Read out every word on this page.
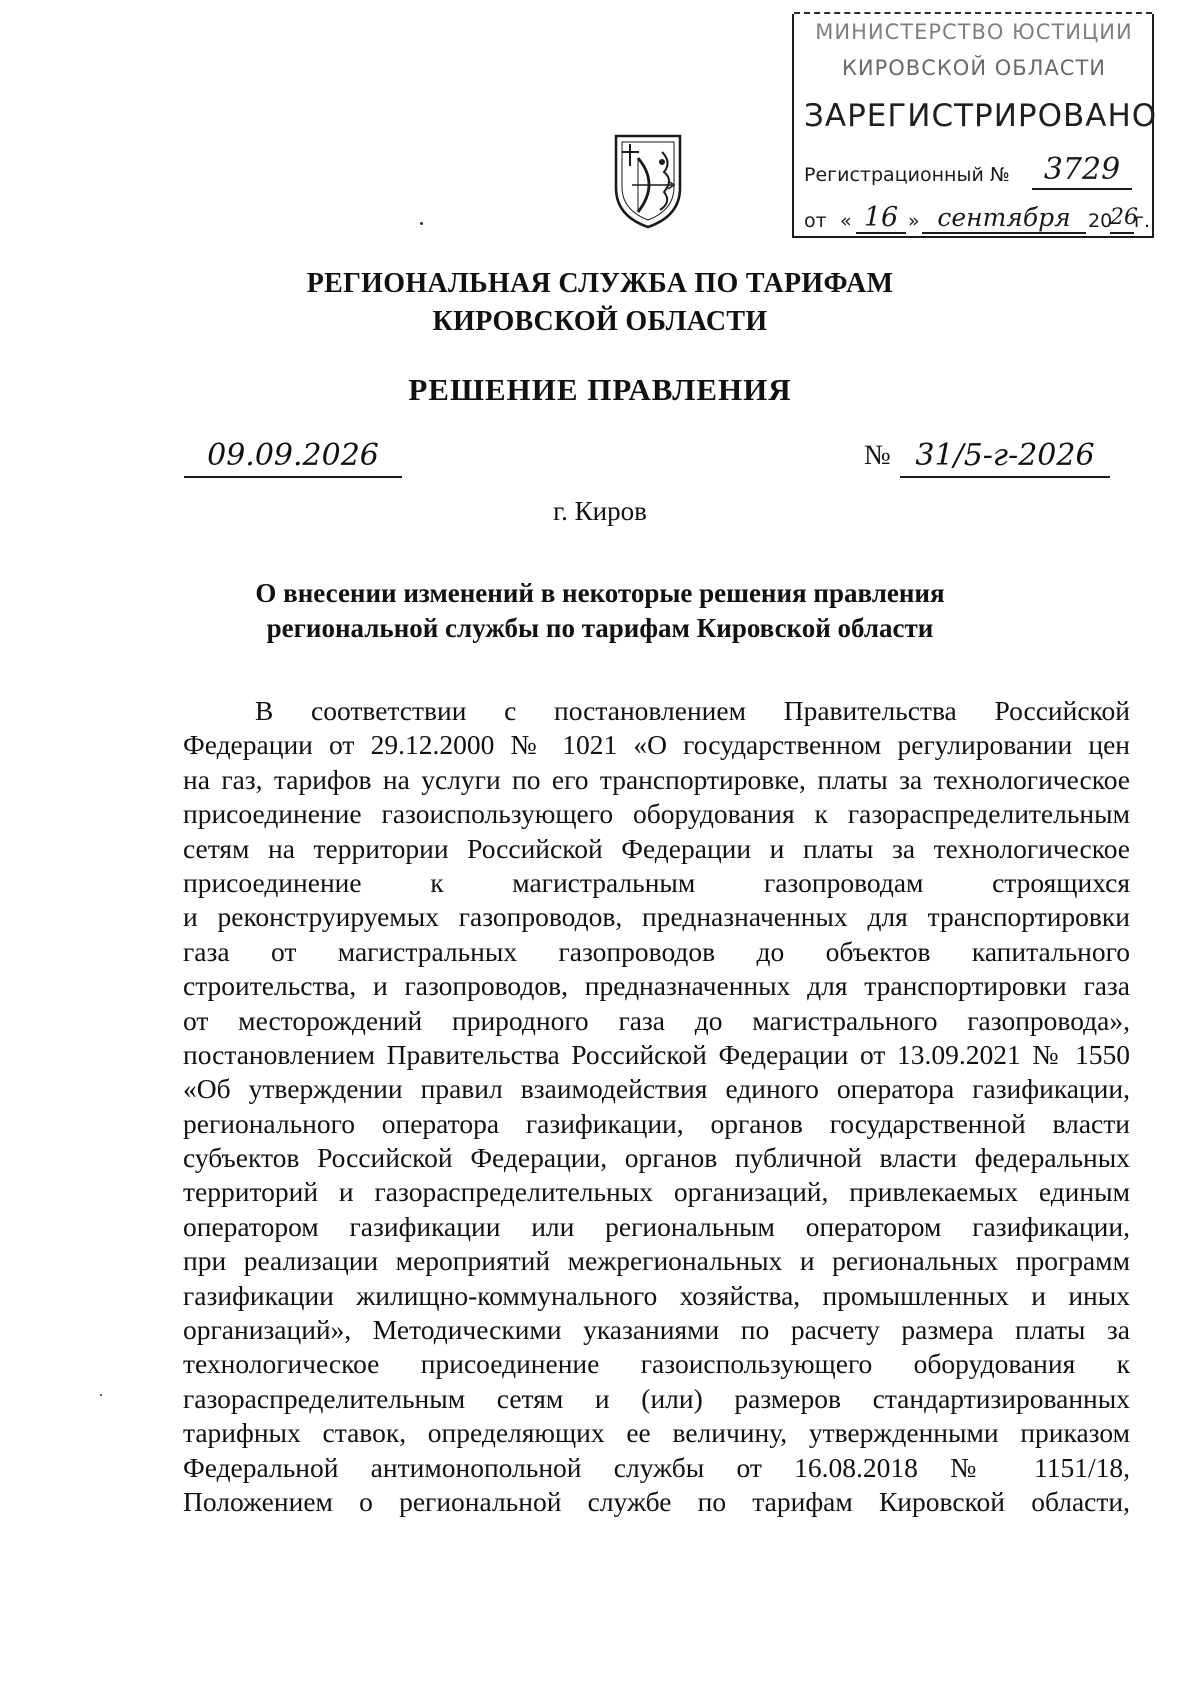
МИНИСТЕРСТВО ЮСТИЦИИ
КИРОВСКОЙ ОБЛАСТИ
ЗАРЕГИСТРИРОВАНО
Регистрационный №	3729
от « 16 » сентября 20
26
г.
РЕГИОНАЛЬНАЯ СЛУЖБА ПО ТАРИФАМ
КИРОВСКОЙ ОБЛАСТИ
РЕШЕНИЕ ПРАВЛЕНИЯ
09.09.2026	№ 31/5-г-2026
г. Киров
О внесении изменений в некоторые решения правления
региональной службы по тарифам Кировской области
В соответствии с постановлением Правительства Российской
Федерации от 29.12.2000 № 1021 «О государственном регулировании цен
на газ, тарифов на услуги по его транспортировке, платы за технологическое
присоединение газоиспользующего оборудования к газораспределительным
сетям на территории Российской Федерации и платы за технологическое
присоединение к магистральным газопроводам строящихся
и реконструируемых газопроводов, предназначенных для транспортировки
газа от магистральных газопроводов до объектов капитального
строительства, и газопроводов, предназначенных для транспортировки газа
от месторождений природного газа до магистрального газопровода»,
постановлением Правительства Российской Федерации от 13.09.2021 № 1550
«Об утверждении правил взаимодействия единого оператора газификации,
регионального оператора газификации, органов государственной власти
субъектов Российской Федерации, органов публичной власти федеральных
территорий и газораспределительных организаций, привлекаемых единым
оператором газификации или региональным оператором газификации,
при реализации мероприятий межрегиональных и региональных программ
газификации жилищно-коммунального хозяйства, промышленных и иных
организаций», Методическими указаниями по расчету размера платы за
технологическое присоединение газоиспользующего оборудования к
газораспределительным сетям и (или) размеров стандартизированных
тарифных ставок, определяющих ее величину, утвержденными приказом
Федеральной антимонопольной службы от 16.08.2018 № 1151/18,
Положением о региональной службе по тарифам Кировской области,
